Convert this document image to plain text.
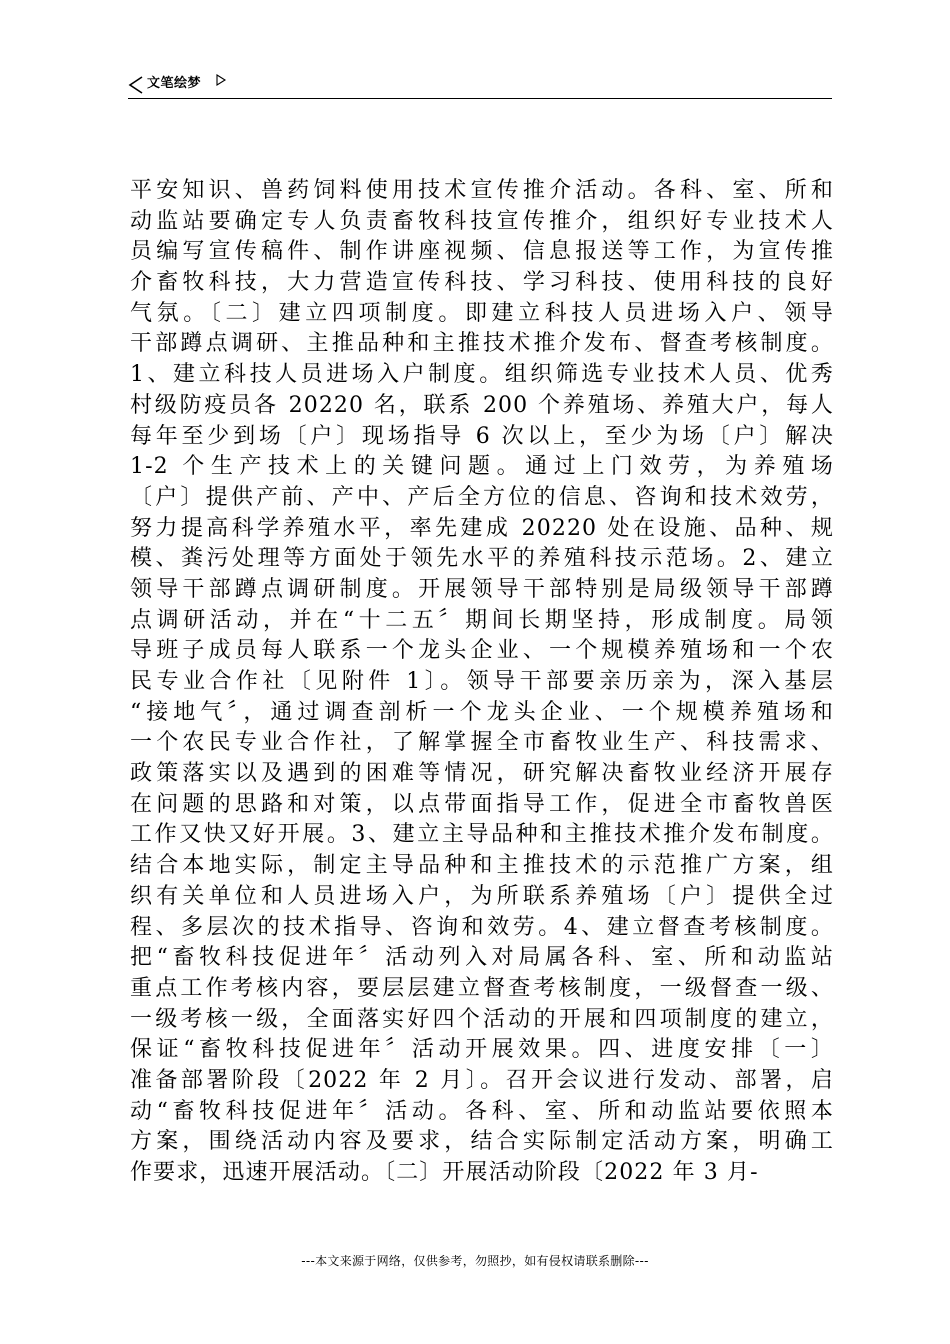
文笔绘梦
平安知识、兽药饲料使用技术宣传推介活动。各科、室、所和
动监站要确定专人负责畜牧科技宣传推介，组织好专业技术人
员编写宣传稿件、制作讲座视频、信息报送等工作，为宣传推
介畜牧科技，大力营造宣传科技、学习科技、使用科技的良好
气氛。〔二〕建立四项制度。即建立科技人员进场入户、领导
干部蹲点调研、主推品种和主推技术推介发布、督查考核制度。
1、建立科技人员进场入户制度。组织筛选专业技术人员、优秀
村级防疫员各 20220 名，联系 200 个养殖场、养殖大户，每人
每年至少到场〔户〕现场指导 6 次以上，至少为场〔户〕解决
1-2 个生产技术上的关键问题。通过上门效劳，为养殖场
〔户〕提供产前、产中、产后全方位的信息、咨询和技术效劳，
努力提高科学养殖水平，率先建成 20220 处在设施、品种、规
模、粪污处理等方面处于领先水平的养殖科技示范场。2、建立
领导干部蹲点调研制度。开展领导干部特别是局级领导干部蹲
点调研活动，并在“十二五〞期间长期坚持，形成制度。局领
导班子成员每人联系一个龙头企业、一个规模养殖场和一个农
民专业合作社〔见附件 1〕。领导干部要亲历亲为，深入基层
“接地气〞，通过调查剖析一个龙头企业、一个规模养殖场和
一个农民专业合作社，了解掌握全市畜牧业生产、科技需求、
政策落实以及遇到的困难等情况，研究解决畜牧业经济开展存
在问题的思路和对策，以点带面指导工作，促进全市畜牧兽医
工作又快又好开展。3、建立主导品种和主推技术推介发布制度。
结合本地实际，制定主导品种和主推技术的示范推广方案，组
织有关单位和人员进场入户，为所联系养殖场〔户〕提供全过
程、多层次的技术指导、咨询和效劳。4、建立督查考核制度。
把“畜牧科技促进年〞活动列入对局属各科、室、所和动监站
重点工作考核内容，要层层建立督查考核制度，一级督查一级、
一级考核一级，全面落实好四个活动的开展和四项制度的建立，
保证“畜牧科技促进年〞活动开展效果。四、进度安排〔一〕
准备部署阶段〔2022 年 2 月〕。召开会议进行发动、部署，启
动“畜牧科技促进年〞活动。各科、室、所和动监站要依照本
方案，围绕活动内容及要求，结合实际制定活动方案，明确工
作要求，迅速开展活动。〔二〕开展活动阶段〔2022 年 3 月-
---本文来源于网络，仅供参考，勿照抄，如有侵权请联系删除---
